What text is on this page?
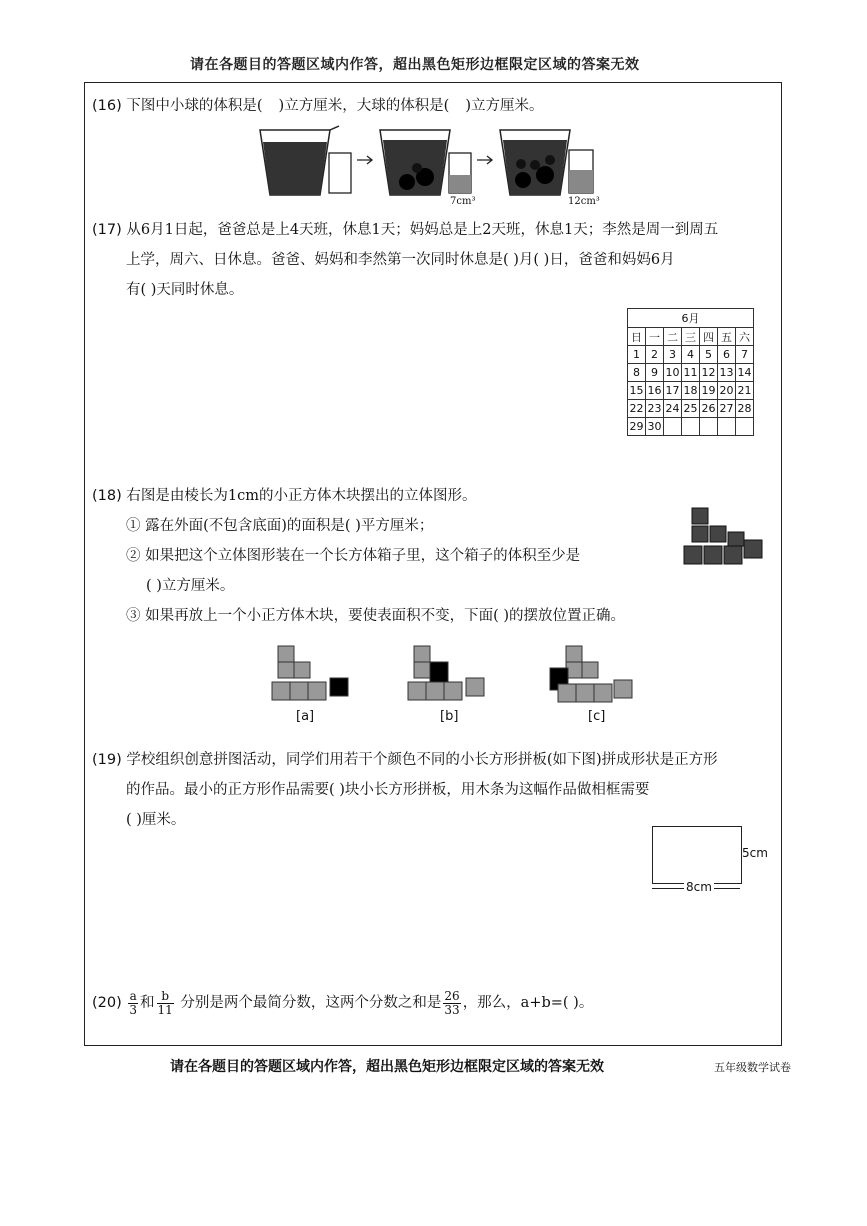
请在各题目的答题区域内作答，超出黑色矩形边框限定区域的答案无效
(16) 下图中小球的体积是( )立方厘米，大球的体积是( )立方厘米。
7cm³	12cm³
(17) 从6月1日起，爸爸总是上4天班，休息1天；妈妈总是上2天班，休息1天；李然是周一到周五
上学，周六、日休息。爸爸、妈妈和李然第一次同时休息是( )月( )日，爸爸和妈妈6月
有( )天同时休息。
6月						
日	一	二	三	四	五	六
1	2	3	4	5	6	7
8	9	10	11	12	13	14
15	16	17	18	19	20	21
22	23	24	25	26	27	28
29	30					
(18) 右图是由棱长为1cm的小正方体木块摆出的立体图形。
① 露在外面(不包含底面)的面积是( )平方厘米；
② 如果把这个立体图形装在一个长方体箱子里，这个箱子的体积至少是
( )立方厘米。
③ 如果再放上一个小正方体木块，要使表面积不变，下面( )的摆放位置正确。
[a]	[b]	[c]
(19) 学校组织创意拼图活动，同学们用若干个颜色不同的小长方形拼板(如下图)拼成形状是正方形
的作品。最小的正方形作品需要( )块小长方形拼板，用木条为这幅作品做相框需要
( )厘米。
8cm
5cm
$(20) \frac{a}{3}$ 和 $\frac{b}{11}$ 分别是两个最简分数，这两个分数之和是 $\frac{26}{33}$ ，那么，a+b=( )。
请在各题目的答题区域内作答，超出黑色矩形边框限定区域的答案无效	五年级数学试卷
